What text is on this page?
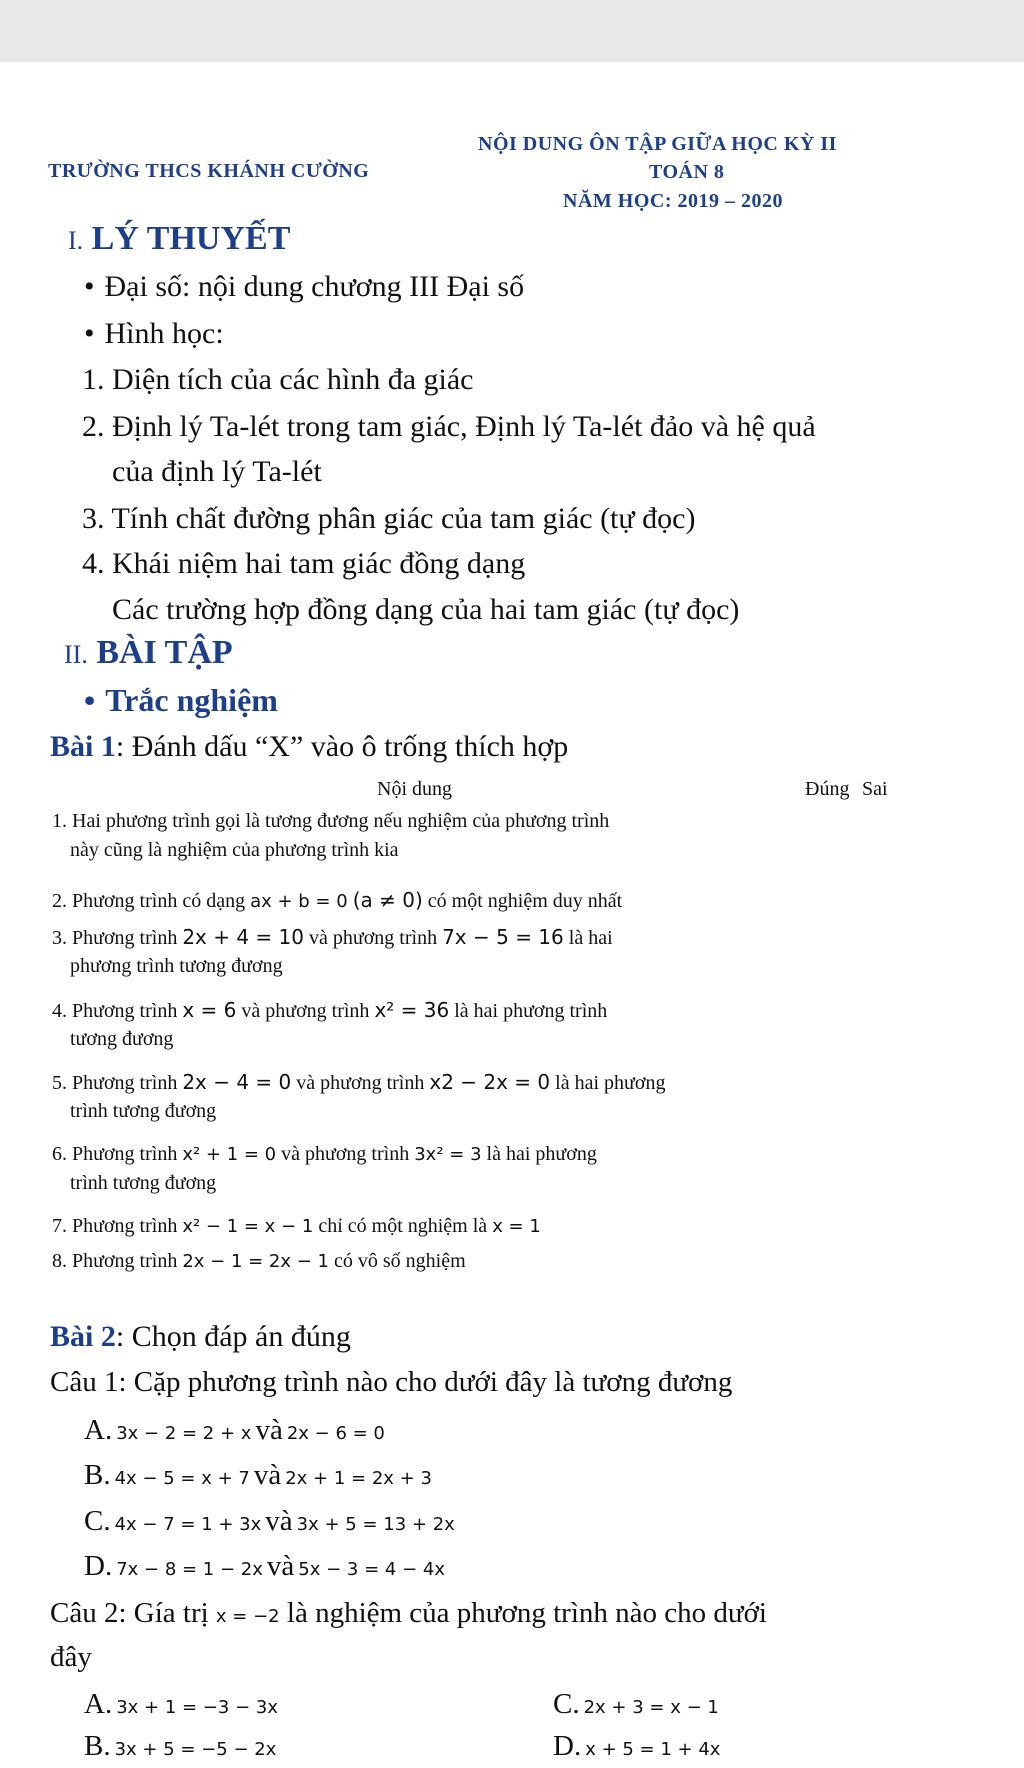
TRƯỜNG THCS KHÁNH CƯỜNG
NỘI DUNG ÔN TẬP GIỮA HỌC KỲ II
TOÁN 8
NĂM HỌC: 2019 – 2020
I. LÝ THUYẾT
• Đại số: nội dung chương III Đại số
• Hình học:
1. Diện tích của các hình đa giác
2. Định lý Ta-lét trong tam giác, Định lý Ta-lét đảo và hệ quả
của định lý Ta-lét
3. Tính chất đường phân giác của tam giác (tự đọc)
4. Khái niệm hai tam giác đồng dạng
Các trường hợp đồng dạng của hai tam giác (tự đọc)
II. BÀI TẬP
• Trắc nghiệm
Bài 1: Đánh dấu “X” vào ô trống thích hợp
Nội dung	Đúng Sai
1. Hai phương trình gọi là tương đương nếu nghiệm của phương trình
này cũng là nghiệm của phương trình kia
2. Phương trình có dạng ax + b = 0 (a ≠ 0) có một nghiệm duy nhất
3. Phương trình 2x + 4 = 10 và phương trình 7x − 5 = 16 là hai
phương trình tương đương
4. Phương trình x = 6 và phương trình x² = 36 là hai phương trình
tương đương
5. Phương trình 2x − 4 = 0 và phương trình x2 − 2x = 0 là hai phương
trình tương đương
6. Phương trình x² + 1 = 0 và phương trình 3x² = 3 là hai phương
trình tương đương
7. Phương trình x² − 1 = x − 1 chỉ có một nghiệm là x = 1
8. Phương trình 2x − 1 = 2x − 1 có vô số nghiệm
Bài 2: Chọn đáp án đúng
Câu 1: Cặp phương trình nào cho dưới đây là tương đương
A. 3x − 2 = 2 + x và 2x − 6 = 0
B. 4x − 5 = x + 7 và 2x + 1 = 2x + 3
C. 4x − 7 = 1 + 3x và 3x + 5 = 13 + 2x
D. 7x − 8 = 1 − 2x và 5x − 3 = 4 − 4x
Câu 2: Gía trị x = −2 là nghiệm của phương trình nào cho dưới
đây
A. 3x + 1 = −3 − 3x	C. 2x + 3 = x − 1
B. 3x + 5 = −5 − 2x	D. x + 5 = 1 + 4x
